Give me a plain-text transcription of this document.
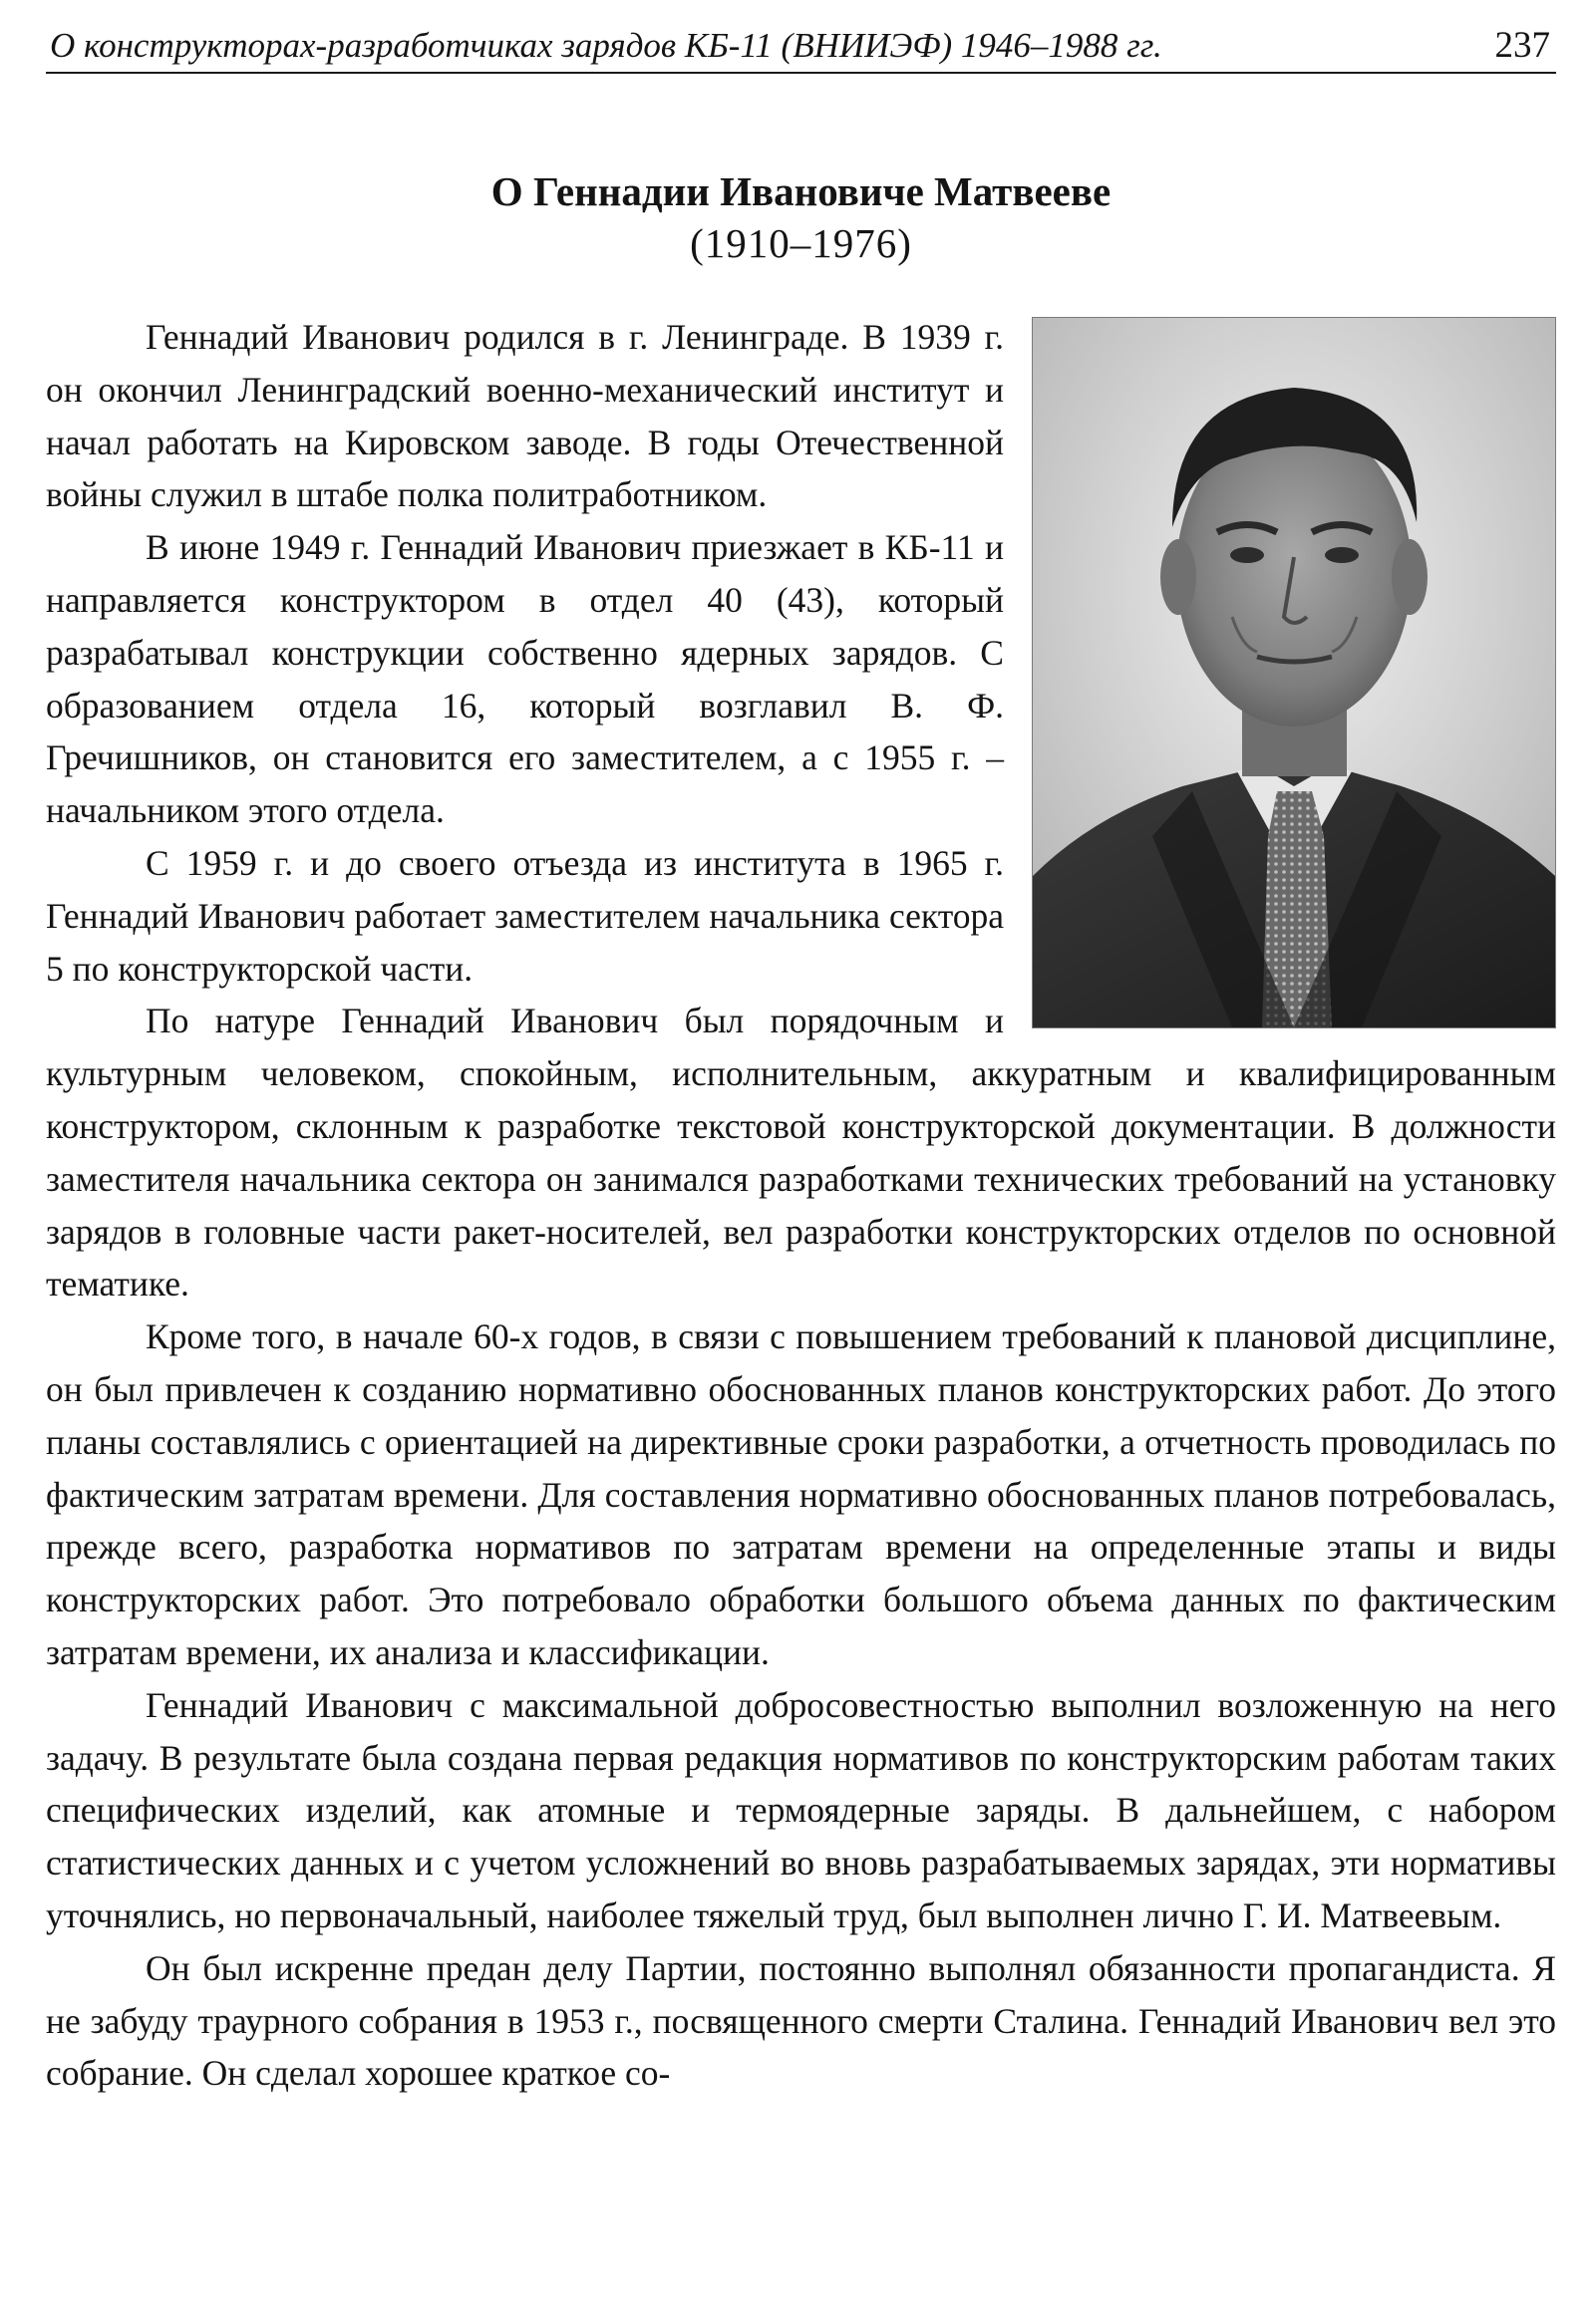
О конструкторах-разработчиках зарядов КБ-11 (ВНИИЭФ) 1946–1988 гг.	237
О Геннадии Ивановиче Матвееве
(1910–1976)

Геннадий Иванович родился в г. Ленинграде. В 1939 г. он окончил Ленинградский военно-механический институт и начал работать на Кировском заводе. В годы Отечественной войны служил в штабе полка политработником.

В июне 1949 г. Геннадий Иванович приезжает в КБ-11 и направляется конструктором в отдел 40 (43), который разрабатывал конструкции собственно ядерных зарядов. С образованием отдела 16, который возглавил В. Ф. Гречишников, он становится его заместителем, а с 1955 г. – начальником этого отдела.

С 1959 г. и до своего отъезда из института в 1965 г. Геннадий Иванович работает заместителем начальника сектора 5 по конструкторской части.

По натуре Геннадий Иванович был порядочным и культурным человеком, спокойным, исполнительным, аккуратным и квалифицированным конструктором, склонным к разработке текстовой конструкторской документации. В должности заместителя начальника сектора он занимался разработками технических требований на установку зарядов в головные части ракет-носителей, вел разработки конструкторских отделов по основной тематике.

Кроме того, в начале 60-х годов, в связи с повышением требований к плановой дисциплине, он был привлечен к созданию нормативно обоснованных планов конструкторских работ. До этого планы составлялись с ориентацией на директивные сроки разработки, а отчетность проводилась по фактическим затратам времени. Для составления нормативно обоснованных планов потребовалась, прежде всего, разработка нормативов по затратам времени на определенные этапы и виды конструкторских работ. Это потребовало обработки большого объема данных по фактическим затратам времени, их анализа и классификации.

Геннадий Иванович с максимальной добросовестностью выполнил возложенную на него задачу. В результате была создана первая редакция нормативов по конструкторским работам таких специфических изделий, как атомные и термоядерные заряды. В дальнейшем, с набором статистических данных и с учетом усложнений во вновь разрабатываемых зарядах, эти нормативы уточнялись, но первоначальный, наиболее тяжелый труд, был выполнен лично Г. И. Матвеевым.

Он был искренне предан делу Партии, постоянно выполнял обязанности пропагандиста. Я не забуду траурного собрания в 1953 г., посвященного смерти Сталина. Геннадий Иванович вел это собрание. Он сделал хорошее краткое со-
